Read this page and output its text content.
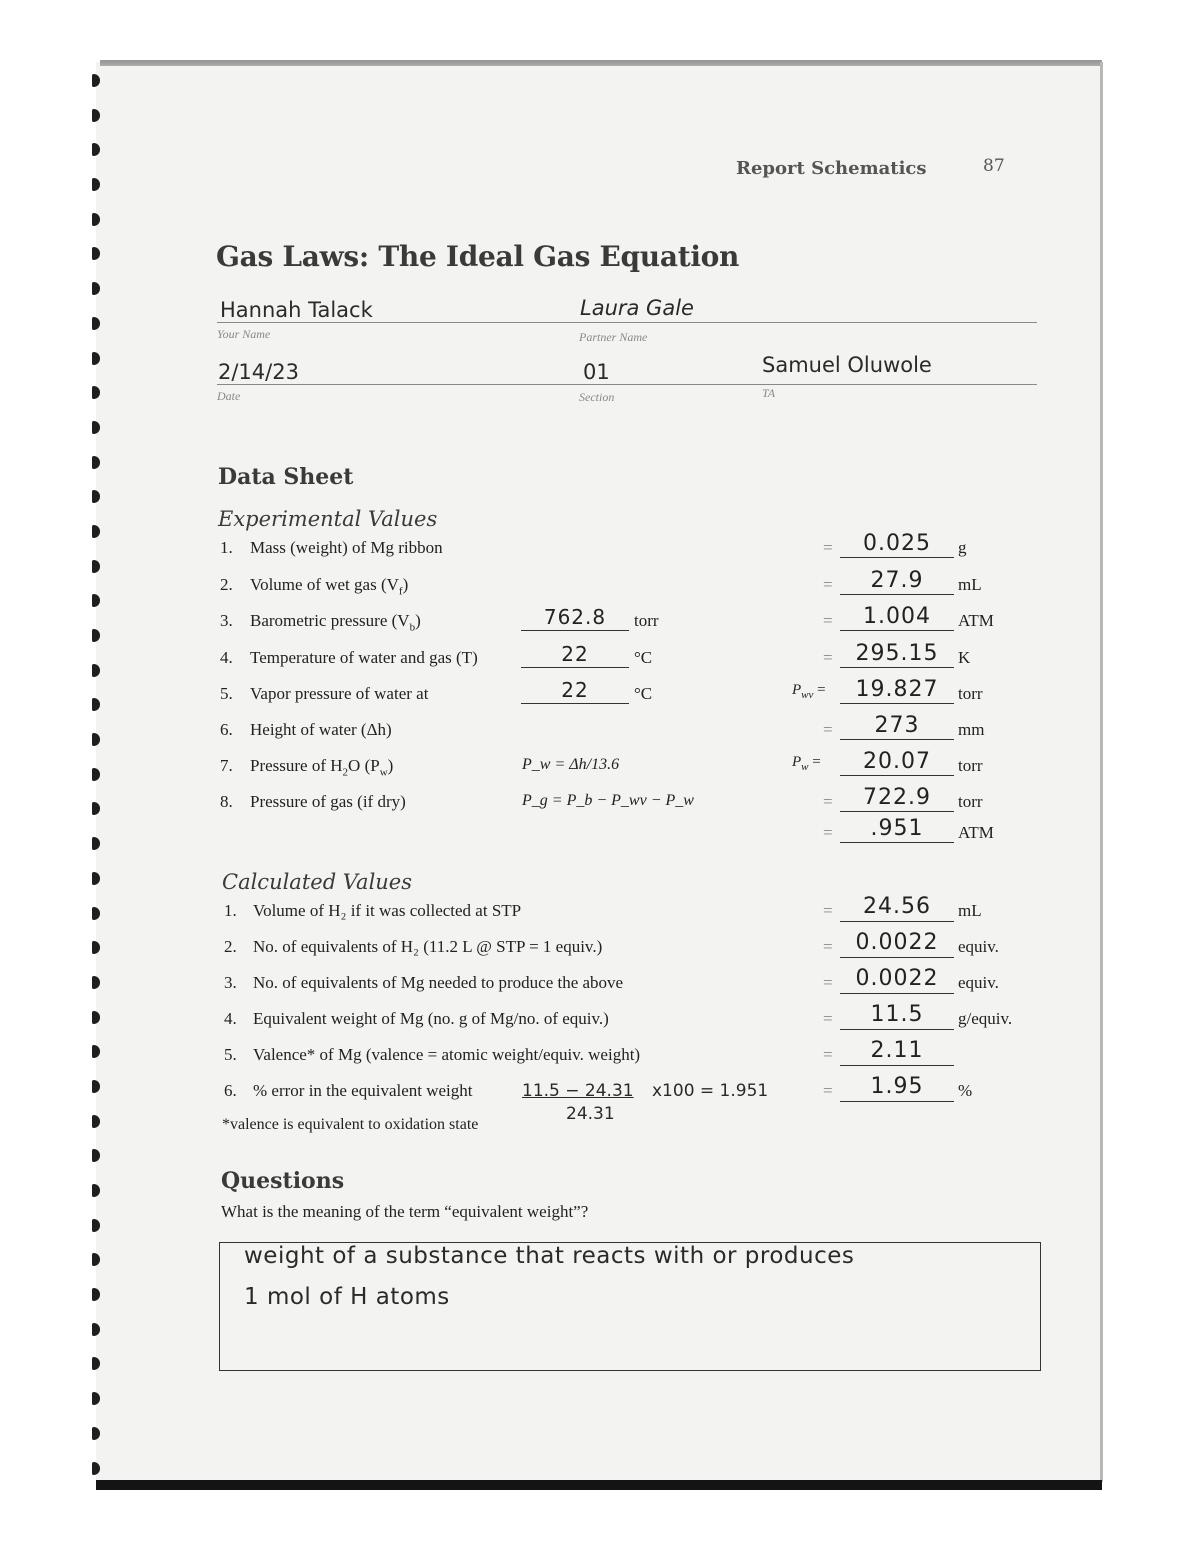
Report Schematics	87
Gas Laws: The Ideal Gas Equation
Hannah Talack
Your Name
Laura Gale
Partner Name
2/14/23
Date
01
Section
Samuel Oluwole
TA
Data Sheet
Experimental Values
1. Mass (weight) of Mg ribbon	=	0.025	g
2. Volume of wet gas $(V_f)$	=	27.9	mL
3. Barometric pressure $(V_b)$	762.8	torr	=	1.004	ATM
4. Temperature of water and gas (T)	22	°C	=	295.15	K
5. Vapor pressure of water at	22	°C	$P_{wv}$ =	19.827	torr
6. Height of water (Δh)	=	273	mm
7. Pressure of $H_2O$ $(P_w)$	P_w = Δh/13.6	$P_w$ =	20.07	torr
8. Pressure of gas (if dry)	P_g = P_b − P_wv − P_w	=	722.9	torr
=	.951	ATM
Calculated Values
1. Volume of H₂ if it was collected at STP	=	24.56	mL
2. No. of equivalents of H₂ (11.2 L @ STP = 1 equiv.)	=	0.0022	equiv.
3. No. of equivalents of Mg needed to produce the above	=	0.0022	equiv.
4. Equivalent weight of Mg (no. g of Mg/no. of equiv.)	=	11.5	g/equiv.
5. Valence* of Mg (valence = atomic weight/equiv. weight)	=	2.11
6. % error in the equivalent weight	=	1.95	%
11.5 − 24.31 x100 = 1.951
24.31
*valence is equivalent to oxidation state
Questions
What is the meaning of the term “equivalent weight”?
weight of a substance that reacts with or produces
1 mol of H atoms
